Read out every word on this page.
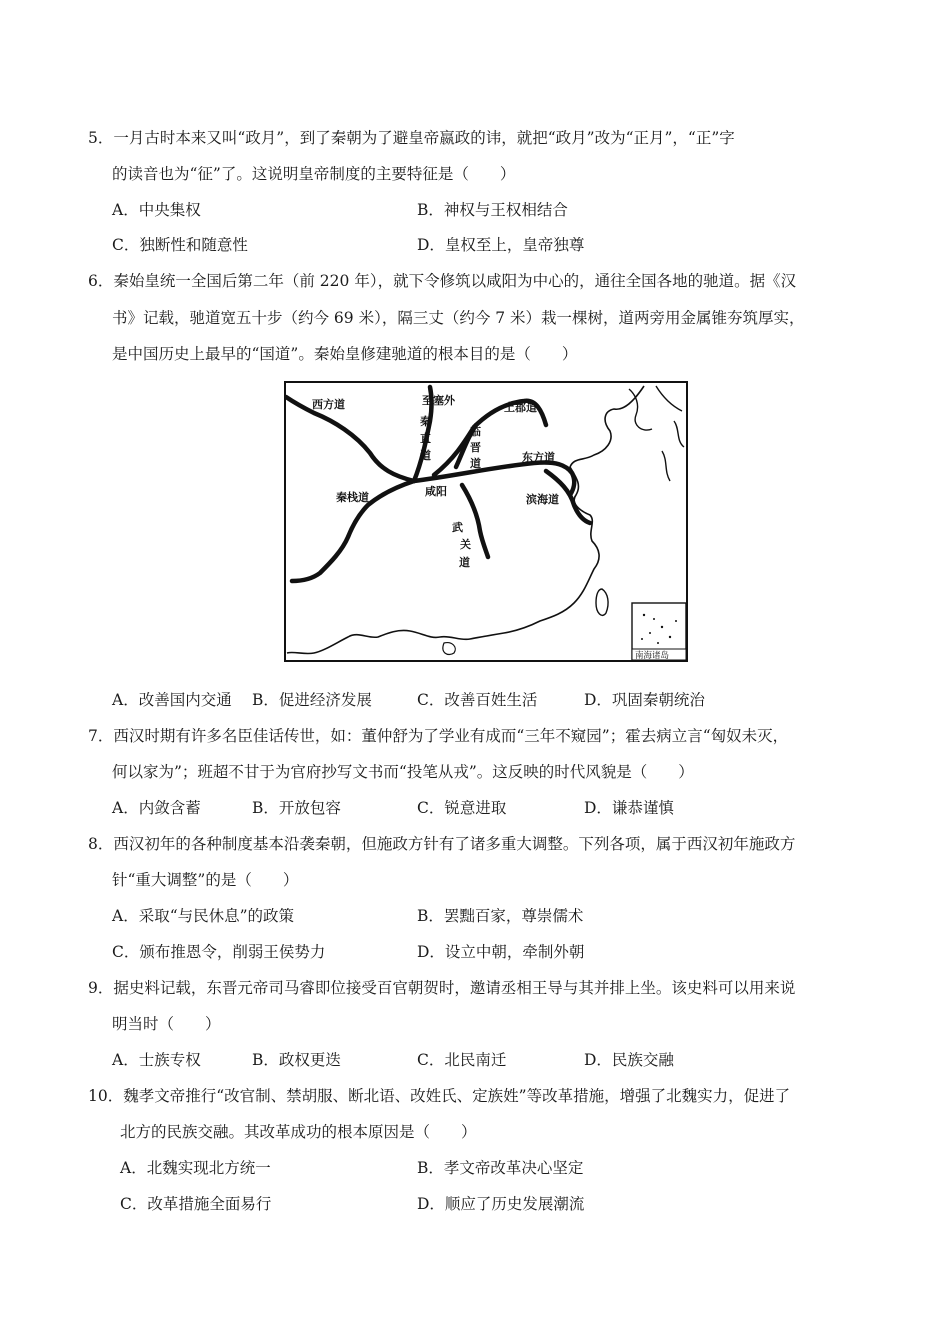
5．一月古时本来又叫“政月”，到了秦朝为了避皇帝嬴政的讳，就把“政月”改为“正月”，“正”字
的读音也为“征”了。这说明皇帝制度的主要特征是（　　）
A．中央集权	B．神权与王权相结合
C．独断性和随意性	D．皇权至上，皇帝独尊
6．秦始皇统一全国后第二年（前 220 年），就下令修筑以咸阳为中心的，通往全国各地的驰道。据《汉
书》记载，驰道宽五十步（约今 69 米），隔三丈（约今 7 米）栽一棵树，道两旁用金属锥夯筑厚实，
是中国历史上最早的“国道”。秦始皇修建驰道的根本目的是（　　）
西方道	至塞外
秦
直
道
临
晋
道
上郡道
东方道
滨海道
秦栈道	咸阳
武
关
道
南海诸岛
A．改善国内交通 B．促进经济发展	C．改善百姓生活	D．巩固秦朝统治
7．西汉时期有许多名臣佳话传世，如：董仲舒为了学业有成而“三年不窥园”；霍去病立言“匈奴未灭，
何以家为”；班超不甘于为官府抄写文书而“投笔从戎”。这反映的时代风貌是（　　）
A．内敛含蓄	B．开放包容	C．锐意进取	D．谦恭谨慎
8．西汉初年的各种制度基本沿袭秦朝，但施政方针有了诸多重大调整。下列各项，属于西汉初年施政方
针“重大调整”的是（　　）
A．采取“与民休息”的政策	B．罢黜百家，尊崇儒术
C．颁布推恩令，削弱王侯势力	D．设立中朝，牵制外朝
9．据史料记载，东晋元帝司马睿即位接受百官朝贺时，邀请丞相王导与其并排上坐。该史料可以用来说
明当时（　　）
A．士族专权	B．政权更迭	C．北民南迁	D．民族交融
10．魏孝文帝推行“改官制、禁胡服、断北语、改姓氏、定族姓”等改革措施，增强了北魏实力，促进了
北方的民族交融。其改革成功的根本原因是（　　）
A．北魏实现北方统一	B．孝文帝改革决心坚定
C．改革措施全面易行	D．顺应了历史发展潮流
